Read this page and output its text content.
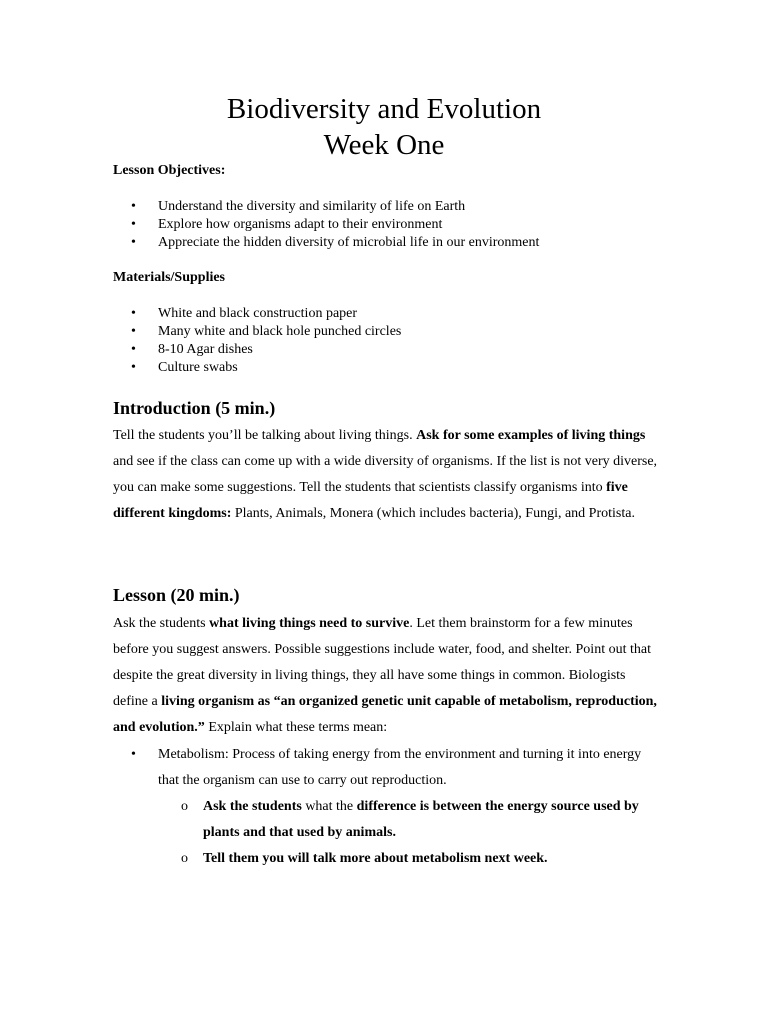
Biodiversity and Evolution
Week One

Lesson Objectives:

• Understand the diversity and similarity of life on Earth
• Explore how organisms adapt to their environment
• Appreciate the hidden diversity of microbial life in our environment

Materials/Supplies

• White and black construction paper
• Many white and black hole punched circles
• 8-10 Agar dishes
• Culture swabs
Introduction (5 min.)

Tell the students you’ll be talking about living things. Ask for some examples of living things and see if the class can come up with a wide diversity of organisms. If the list is not very diverse, you can make some suggestions. Tell the students that scientists classify organisms into five different kingdoms: Plants, Animals, Monera (which includes bacteria), Fungi, and Protista.

Lesson (20 min.)

Ask the students what living things need to survive. Let them brainstorm for a few minutes before you suggest answers. Possible suggestions include water, food, and shelter. Point out that despite the great diversity in living things, they all have some things in common. Biologists define a living organism as “an organized genetic unit capable of metabolism, reproduction, and evolution.” Explain what these terms mean:

• Metabolism: Process of taking energy from the environment and turning it into energy that the organism can use to carry out reproduction.
o Ask the students what the difference is between the energy source used by plants and that used by animals.
o Tell them you will talk more about metabolism next week.
